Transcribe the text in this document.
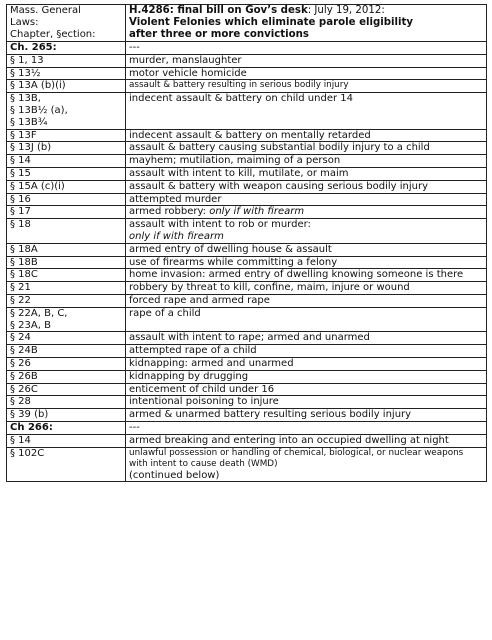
Mass. General
Laws:
Chapter, §ection:	H.4286: final bill on Gov’s desk: July 19, 2012:
Violent Felonies which eliminate parole eligibility
after three or more convictions

Ch. 265:	---

§ 1, 13	murder, manslaughter

§ 13½	motor vehicle homicide

§ 13A (b)(i)	assault & battery resulting in serious bodily injury

§ 13B,
§ 13B½ (a),
§ 13B¾	indecent assault & battery on child under 14

§ 13F	indecent assault & battery on mentally retarded

§ 13J (b)	assault & battery causing substantial bodily injury to a child

§ 14	mayhem; mutilation, maiming of a person

§ 15	assault with intent to kill, mutilate, or maim

§ 15A (c)(i)	assault & battery with weapon causing serious bodily injury

§ 16	attempted murder

§ 17	armed robbery: only if with firearm

§ 18	assault with intent to rob or murder:
only if with firearm

§ 18A	armed entry of dwelling house & assault

§ 18B	use of firearms while committing a felony

§ 18C	home invasion: armed entry of dwelling knowing someone is there

§ 21	robbery by threat to kill, confine, maim, injure or wound

§ 22	forced rape and armed rape

§ 22A, B, C,
§ 23A, B	rape of a child

§ 24	assault with intent to rape; armed and unarmed

§ 24B	attempted rape of a child

§ 26	kidnapping: armed and unarmed

§ 26B	kidnapping by drugging

§ 26C	enticement of child under 16

§ 28	intentional poisoning to injure

§ 39 (b)	armed & unarmed battery resulting serious bodily injury

Ch 266:	---

§ 14	armed breaking and entering into an occupied dwelling at night

§ 102C	unlawful possession or handling of chemical, biological, or nuclear weapons with intent to cause death (WMD)
(continued below)
